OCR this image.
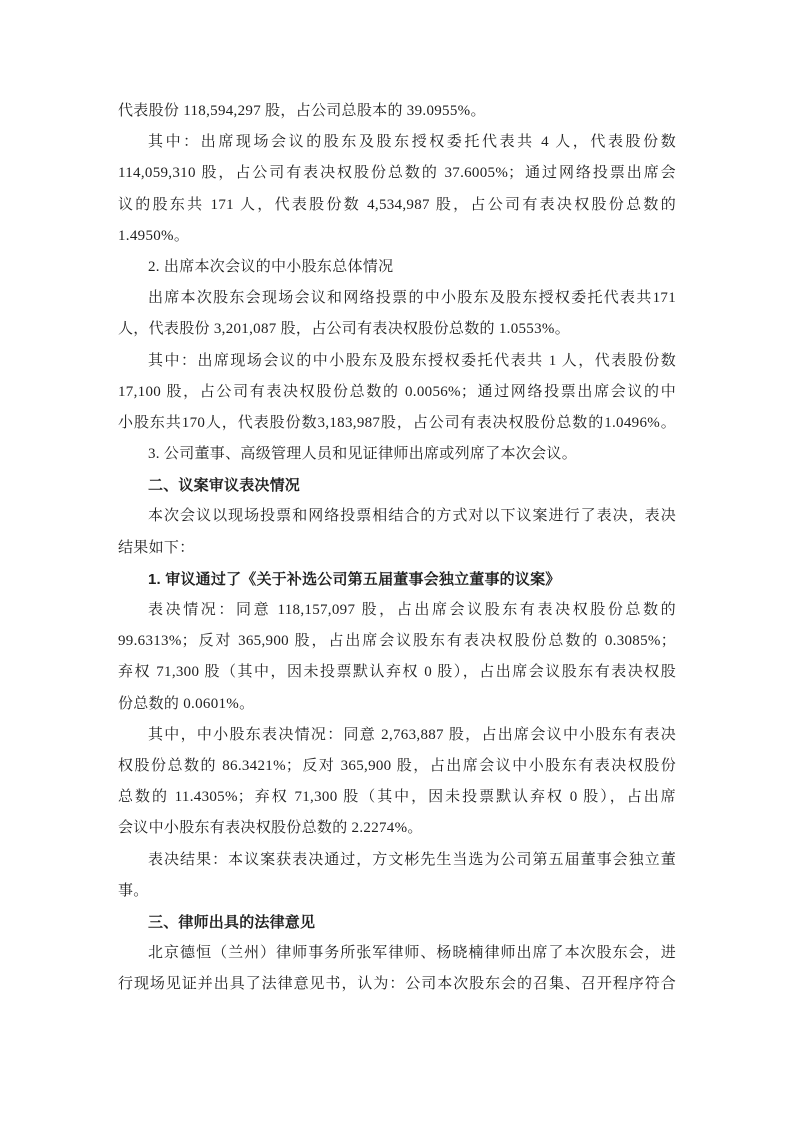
代表股份 118,594,297 股，占公司总股本的 39.0955%。
其中：出席现场会议的股东及股东授权委托代表共 4 人，代表股份数
114,059,310 股，占公司有表决权股份总数的 37.6005%；通过网络投票出席会
议的股东共 171 人，代表股份数 4,534,987 股，占公司有表决权股份总数的
1.4950%。
2. 出席本次会议的中小股东总体情况
出席本次股东会现场会议和网络投票的中小股东及股东授权委托代表共171
人，代表股份 3,201,087 股，占公司有表决权股份总数的 1.0553%。
其中：出席现场会议的中小股东及股东授权委托代表共 1 人，代表股份数
17,100 股，占公司有表决权股份总数的 0.0056%；通过网络投票出席会议的中
小股东共170人，代表股份数3,183,987股，占公司有表决权股份总数的1.0496%。
3. 公司董事、高级管理人员和见证律师出席或列席了本次会议。
二、议案审议表决情况
本次会议以现场投票和网络投票相结合的方式对以下议案进行了表决，表决
结果如下：
1. 审议通过了《关于补选公司第五届董事会独立董事的议案》
表决情况：同意 118,157,097 股，占出席会议股东有表决权股份总数的
99.6313%；反对 365,900 股，占出席会议股东有表决权股份总数的 0.3085%；
弃权 71,300 股（其中，因未投票默认弃权 0 股），占出席会议股东有表决权股
份总数的 0.0601%。
其中，中小股东表决情况：同意 2,763,887 股，占出席会议中小股东有表决
权股份总数的 86.3421%；反对 365,900 股，占出席会议中小股东有表决权股份
总数的 11.4305%；弃权 71,300 股（其中，因未投票默认弃权 0 股），占出席
会议中小股东有表决权股份总数的 2.2274%。
表决结果：本议案获表决通过，方文彬先生当选为公司第五届董事会独立董
事。
三、律师出具的法律意见
北京德恒（兰州）律师事务所张军律师、杨晓楠律师出席了本次股东会，进
行现场见证并出具了法律意见书，认为：公司本次股东会的召集、召开程序符合
